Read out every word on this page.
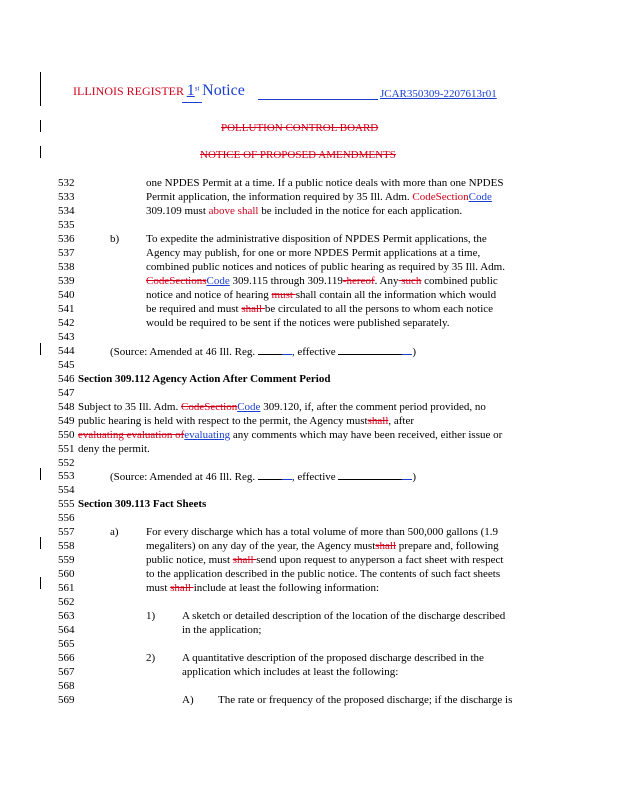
ILLINOIS REGISTER 1st Notice	JCAR350309-2207613r01
POLLUTION CONTROL BOARD
NOTICE OF PROPOSED AMENDMENTS
532
533
534
535
536
537
538
539
540
541
542
543
544
545
546
547
548
549
550
551
552
553
554
555
556
557
558
559
560
561
562
563
564
565
566
567
568
569
one NPDES Permit at a time. If a public notice deals with more than one NPDES
Permit application, the information required by 35 Ill. Adm. CodeSectionCode
309.109 must above shall be included in the notice for each application.
b) To expedite the administrative disposition of NPDES Permit applications, the
Agency may publish, for one or more NPDES Permit applications at a time,
combined public notices and notices of public hearing as required by 35 Ill. Adm.
CodeSectionsCode 309.115 through 309.119-hereof. Any such combined public
notice and notice of hearing must shall contain all the information which would
be required and must shall be circulated to all the persons to whom each notice
would be required to be sent if the notices were published separately.
(Source: Amended at 46 Ill. Reg.	, effective	)
Section 309.112 Agency Action After Comment Period
Subject to 35 Ill. Adm. CodeSectionCode 309.120, if, after the comment period provided, no
public hearing is held with respect to the permit, the Agency mustshall, after
evaluating evaluation ofevaluating any comments which may have been received, either issue or
deny the permit.
(Source: Amended at 46 Ill. Reg.	, effective	)
Section 309.113 Fact Sheets
a) For every discharge which has a total volume of more than 500,000 gallons (1.9
megaliters) on any day of the year, the Agency mustshall prepare and, following
public notice, must shall send upon request to anyperson a fact sheet with respect
to the application described in the public notice. The contents of such fact sheets
must shall include at least the following information:
1) A sketch or detailed description of the location of the discharge described
in the application;
2) A quantitative description of the proposed discharge described in the
application which includes at least the following:
A) The rate or frequency of the proposed discharge; if the discharge is
